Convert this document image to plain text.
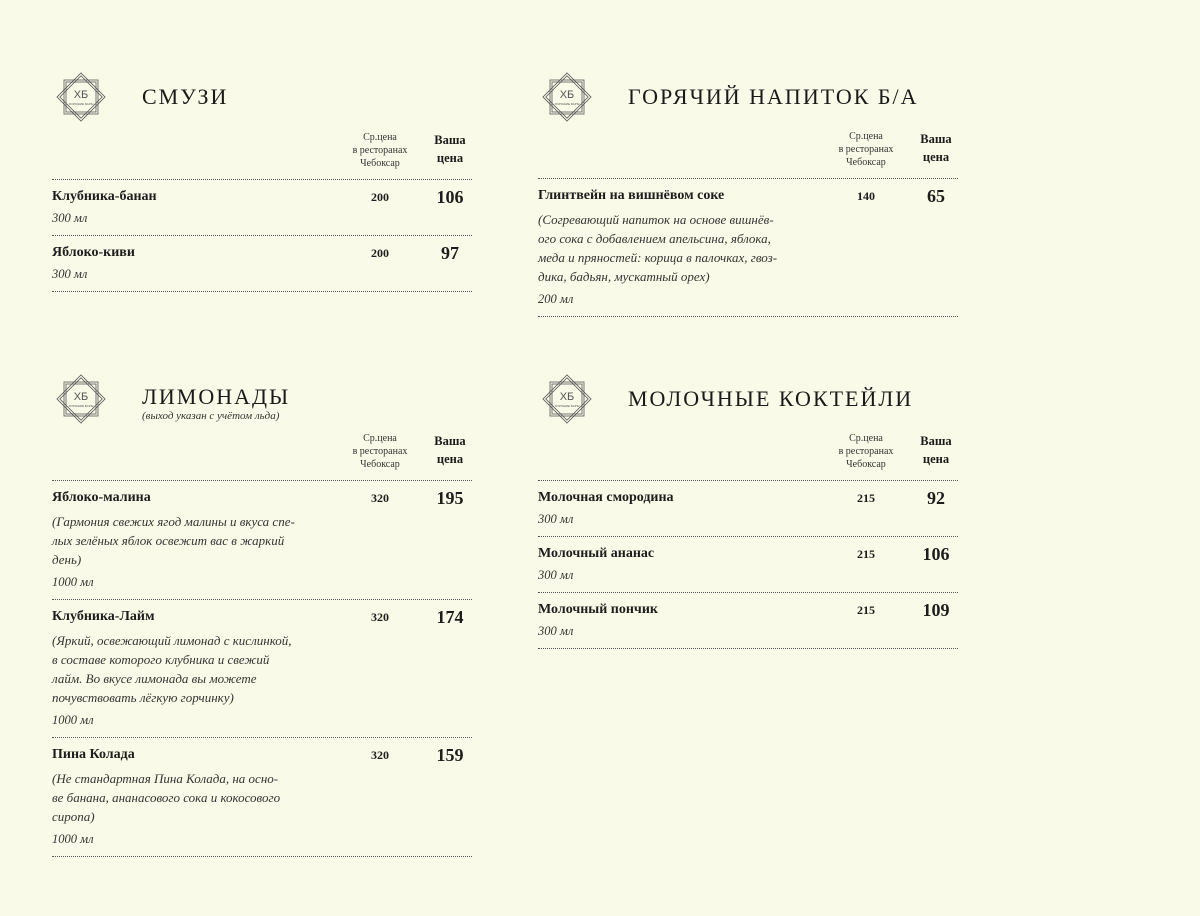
ХБ
ХОРОШИЕ БАРЫ СМУЗИ
Ср.цена
в ресторанах
Чебоксар
Ваша
цена
Клубника-банан	200	106
300 мл
Яблоко-киви	200	97
300 мл
ХБ
ХОРОШИЕ БАРЫ ГОРЯЧИЙ НАПИТОК Б/А
Ср.цена
в ресторанах
Чебоксар
Ваша
цена
Глинтвейн на вишнёвом соке	140	65
(Согревающий напиток на основе вишнёв-
ого сока с добавлением апельсина, яблока,
меда и пряностей: корица в палочках, гвоз-
дика, бадьян, мускатный орех)
200 мл
ХБ
ХОРОШИЕ БАРЫ ЛИМОНАДЫ
(выход указан с учётом льда)
Ср.цена
в ресторанах
Чебоксар
Ваша
цена
Яблоко-малина	320	195
(Гармония свежих ягод малины и вкуса спе-
лых зелёных яблок освежит вас в жаркий
день)
1000 мл
Клубника-Лайм	320	174
(Яркий, освежающий лимонад с кислинкой,
в составе которого клубника и свежий
лайм. Во вкусе лимонада вы можете
почувствовать лёгкую горчинку)
1000 мл
Пина Колада	320	159
(Не стандартная Пина Колада, на осно-
ве банана, ананасового сока и кокосового
сиропа)
1000 мл
ХБ
ХОРОШИЕ БАРЫ МОЛОЧНЫЕ КОКТЕЙЛИ
Ср.цена
в ресторанах
Чебоксар
Ваша
цена
Молочная смородина	215	92
300 мл
Молочный ананас	215	106
300 мл
Молочный пончик	215	109
300 мл
